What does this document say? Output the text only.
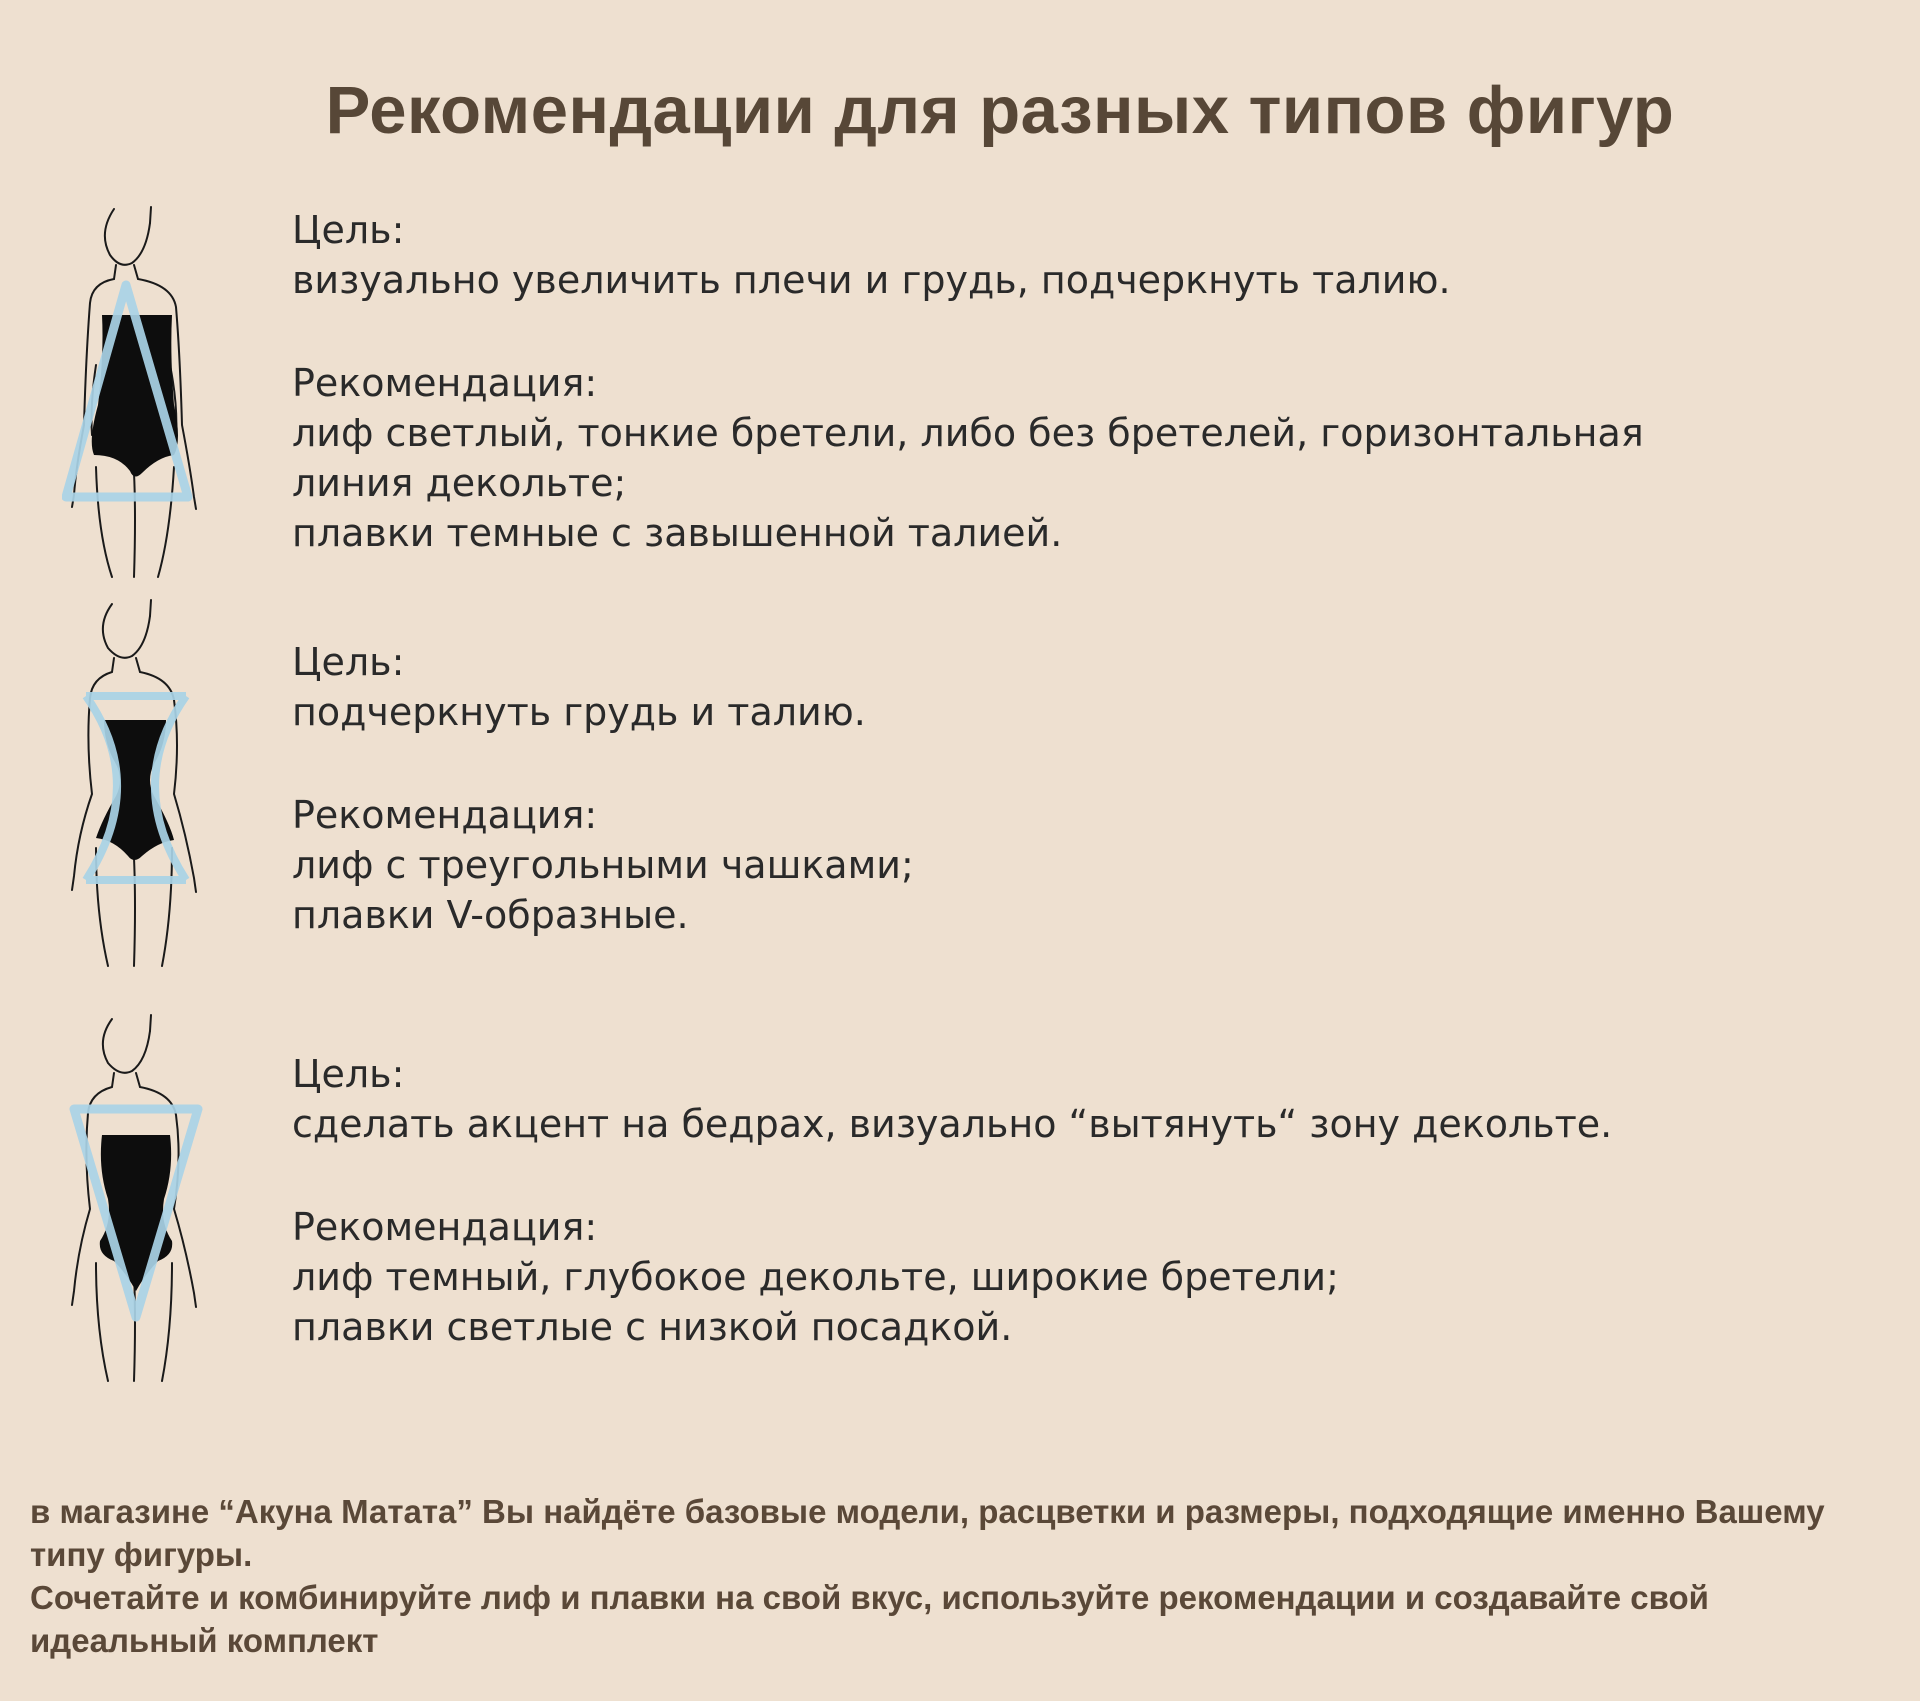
Рекомендации для разных типов фигур

Цель:

визуально увеличить плечи и грудь, подчеркнуть талию.

Рекомендация:

лиф светлый, тонкие бретели, либо без бретелей, горизонтальная

линия декольте;

плавки темные с завышенной талией.

Цель:

подчеркнуть грудь и талию.

Рекомендация:

лиф с треугольными чашками;

плавки V-образные.

Цель:

сделать акцент на бедрах, визуально “вытянуть“ зону декольте.

Рекомендация:

лиф темный, глубокое декольте, широкие бретели;

плавки светлые с низкой посадкой.

в магазине “Акуна Матата” Вы найдёте базовые модели, расцветки и размеры, подходящие именно Вашему типу фигуры.

Сочетайте и комбинируйте лиф и плавки на свой вкус, используйте рекомендации и создавайте свой идеальный комплект
